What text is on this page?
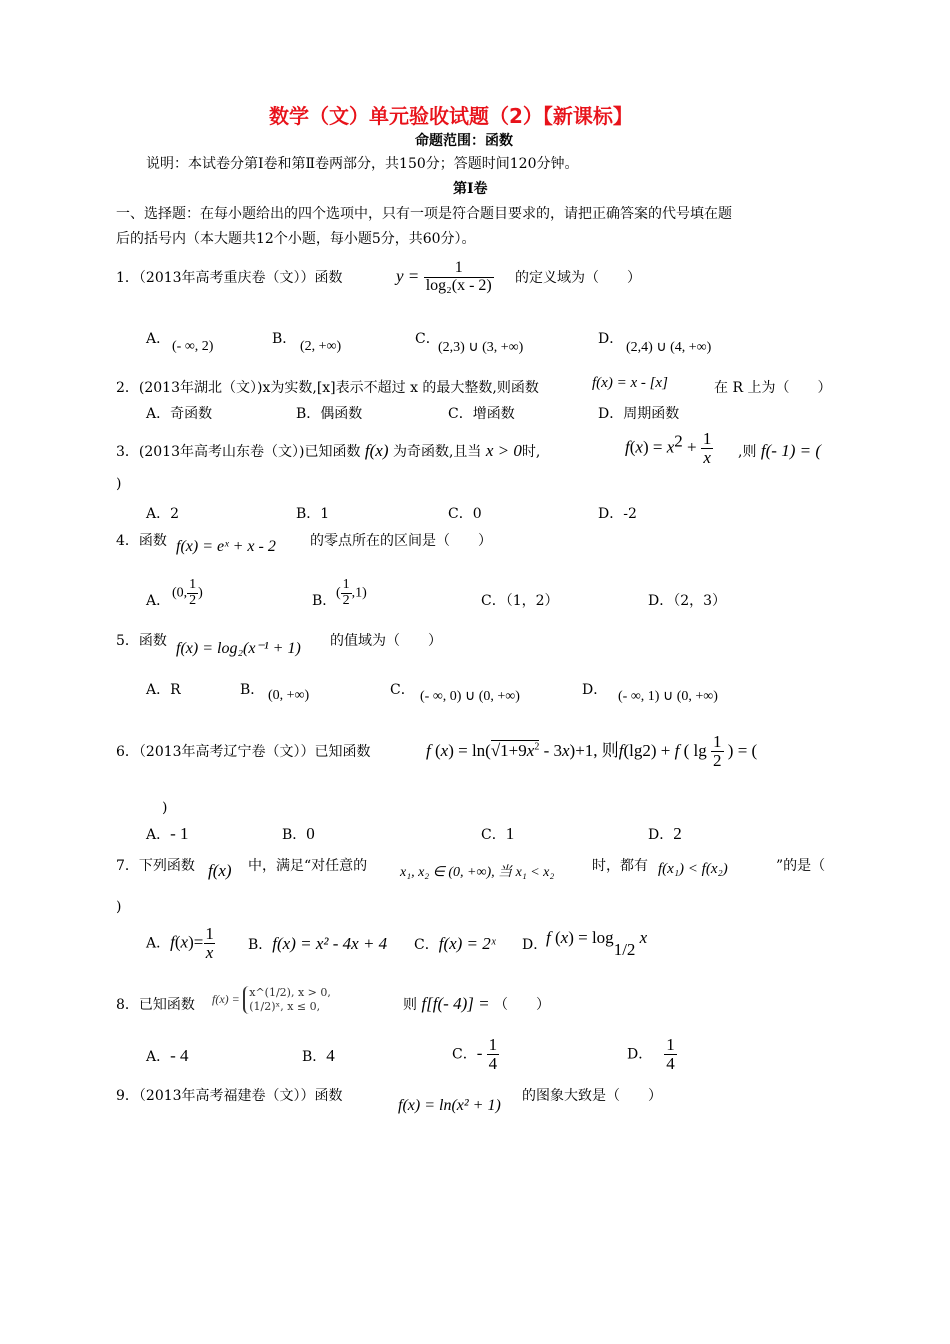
数学（文）单元验收试题（2）【新课标】
命题范围：函数
说明：本试卷分第Ⅰ卷和第Ⅱ卷两部分，共150分；答题时间120分钟。
第Ⅰ卷
一、选择题：在每小题给出的四个选项中，只有一项是符合题目要求的，请把正确答案的代号填在题
后的括号内（本大题共12个小题，每小题5分，共60分）。
1．（2013年高考重庆卷（文））函数	$y = \frac{1}{\text{log₂(x - 2)}}$ 的定义域为（　　）
A． (- ∞, 2)	B． (2, +∞)	C．
(2,3) ∪ (3, +∞)
D．
(2,4) ∪ (4, +∞)
2．(2013年湖北（文）)x为实数,[x]表示不超过 x 的最大整数,则函数	f(x) = x - [x]	在 R 上为（　　）
A．奇函数	B．偶函数	C．增函数	D．周期函数
3．(2013年高考山东卷（文）)已知函数 f(x) 为奇函数,且当 x > 0时,	$f(x) = x^2 + \frac{1}{x}$ ,则 f(- 1) = (
)
A．2	B．1	C．0	D．-2
4．函数 f(x) = eˣ + x - 2 的零点所在的区间是（　　）
A．
(0, $\frac{1}{2}$ )
B．
( $\frac{1}{2} ,1$)
C．（1，2）	D．（2，3）
5．函数 f(x) = log₂(x⁻¹ + 1) 的值域为（　　）
A．R	B． (0, +∞)	C． (- ∞, 0) ∪ (0, +∞)	D． (- ∞, 1) ∪ (0, +∞)
6．（2013年高考辽宁卷（文））已知函数	f $(x) = \ln(√1+9x^2 - 3x)+1$, 则f(lg2) + f ( $\lg \frac{1}{2}$ ) = (
)
A．- 1	B．0	C．1	D．2
7．下列函数 f(x) 中，满足“对任意的 x₁, x₂ ∈ (0, +∞), 当 x₁ < x₂	时，都有 f(x₁) < f(x₂)	”的是（
)
A．$f(x)= \frac{1}{x}$ B．f(x) = x² - 4x + 4 C．f(x) = 2ˣ D．
f $(x) = \log_{1/2} x$
8．已知函数 f(x) = x^(1/2), x > 0,
(1/2)ˣ, x ≤ 0,	则 f[f(- 4)] = （　　）
A．- 4	B．4	C．- $\frac{1}{4}$	D． $\frac{1}{4}$
9．（2013年高考福建卷（文））函数
f(x) = ln(x² + 1)
的图象大致是（　　）
